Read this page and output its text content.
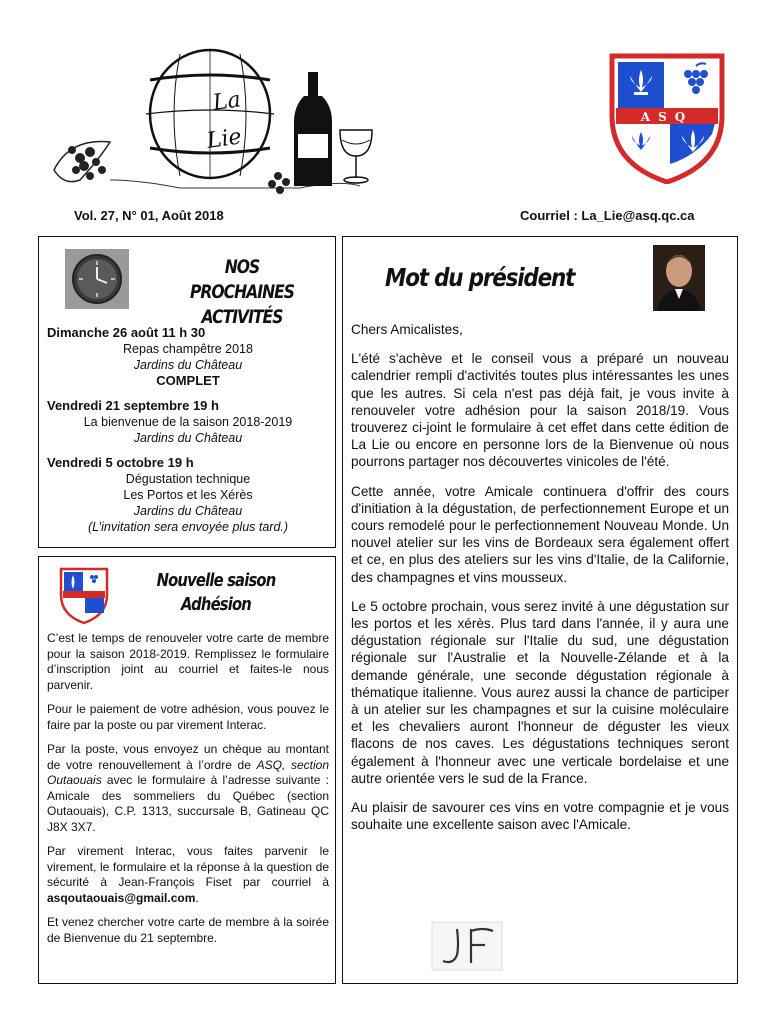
La
Lie
ASQ
Vol. 27, N° 01, Août 2018	Courriel : La_Lie@asq.qc.ca
NOS PROCHAINES
ACTIVITÉS
Dimanche 26 août 11 h 30
Repas champêtre 2018
Jardins du Château
COMPLET
Vendredi 21 septembre 19 h
La bienvenue de la saison 2018-2019
Jardins du Château
Vendredi 5 octobre 19 h
Dégustation technique
Les Portos et les Xérès
Jardins du Château
(L’invitation sera envoyée plus tard.)
Nouvelle saison
Adhésion

C’est le temps de renouveler votre carte de membre pour la saison 2018-2019. Remplissez le formulaire d’inscription joint au courriel et faites-le nous parvenir.

Pour le paiement de votre adhésion, vous pouvez le faire par la poste ou par virement Interac.

Par la poste, vous envoyez un chèque au montant de votre renouvellement à l’ordre de ASQ, section Outaouais avec le formulaire à l’adresse suivante : Amicale des sommeliers du Québec (section Outaouais), C.P. 1313, succursale B, Gatineau QC J8X 3X7.

Par virement Interac, vous faites parvenir le virement, le formulaire et la réponse à la question de sécurité à Jean-François Fiset par courriel à asqoutaouais@gmail.com.

Et venez chercher votre carte de membre à la soirée de Bienvenue du 21 septembre.

Mot du président

Chers Amicalistes,

L'été s'achève et le conseil vous a préparé un nouveau calendrier rempli d'activités toutes plus intéressantes les unes que les autres. Si cela n'est pas déjà fait, je vous invite à renouveler votre adhésion pour la saison 2018/19. Vous trouverez ci-joint le formulaire à cet effet dans cette édition de La Lie ou encore en personne lors de la Bienvenue où nous pourrons partager nos découvertes vinicoles de l'été.

Cette année, votre Amicale continuera d'offrir des cours d'initiation à la dégustation, de perfectionnement Europe et un cours remodelé pour le perfectionnement Nouveau Monde. Un nouvel atelier sur les vins de Bordeaux sera également offert et ce, en plus des ateliers sur les vins d'Italie, de la Californie, des champagnes et vins mousseux.

Le 5 octobre prochain, vous serez invité à une dégustation sur les portos et les xérès. Plus tard dans l'année, il y aura une dégustation régionale sur l'Italie du sud, une dégustation régionale sur l'Australie et la Nouvelle-Zélande et à la demande générale, une seconde dégustation régionale à thématique italienne. Vous aurez aussi la chance de participer à un atelier sur les champagnes et sur la cuisine moléculaire et les chevaliers auront l'honneur de déguster les vieux flacons de nos caves. Les dégustations techniques seront également à l'honneur avec une verticale bordelaise et une autre orientée vers le sud de la France.

Au plaisir de savourer ces vins en votre compagnie et je vous souhaite une excellente saison avec l'Amicale.
